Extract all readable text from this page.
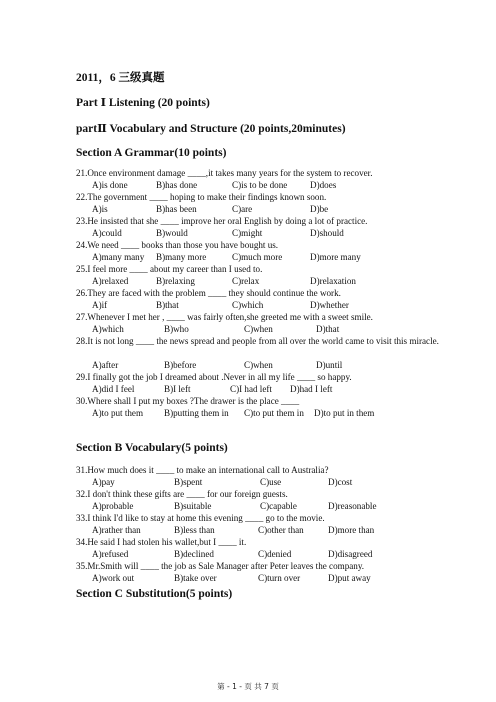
2011，6 三级真题
Part Ⅰ Listening (20 points)
partⅡ Vocabulary and Structure (20 points,20minutes)
Section A Grammar(10 points)
21.Once environment damage ____,it takes many years for the system to recover.
A)is done	B)has done	C)is to be done D)does
22.The government ____ hoping to make their findings known soon.
A)is	B)has been	C)are	D)be
23.He insisted that she ____ improve her oral English by doing a lot of practice.
A)could	B)would	C)might	D)should
24.We need ____ books than those you have bought us.
A)many many B)many more	C)much more	D)more many
25.I feel more ____ about my career than I used to.
A)relaxed	B)relaxing	C)relax	D)relaxation
26.They are faced with the problem ____ they should continue the work.
A)if	B)that	C)which	D)whether
27.Whenever I met her , ____ was fairly often,she greeted me with a sweet smile.
A)which	B)who	C)when	D)that
28.It is not long ____ the news spread and people from all over the world came to visit this miracle.
A)after	B)before	C)when	D)until
29.I finally got the job I dreamed about .Never in all my life ____ so happy.
A)did I feel	B)I left	C)I had left D)had I left
30.Where shall I put my boxes ?The drawer is the place ____
A)to put them B)putting them in C)to put them in D)to put in them
Section B Vocabulary(5 points)
31.How much does it ____ to make an international call to Australia?
A)pay	B)spent	C)use	D)cost
32.I don't think these gifts are ____ for our foreign guests.
A)probable	B)suitable	C)capable	D)reasonable
33.I think I'd like to stay at home this evening ____ go to the movie.
A)rather than	B)less than	C)other than	D)more than
34.He said I had stolen his wallet,but I ____ it.
A)refused	B)declined	C)denied	D)disagreed
35.Mr.Smith will ____ the job as Sale Manager after Peter leaves the company.
A)work out	B)take over	C)turn over	D)put away
Section C Substitution(5 points)
第 - 1 - 页 共 7 页
